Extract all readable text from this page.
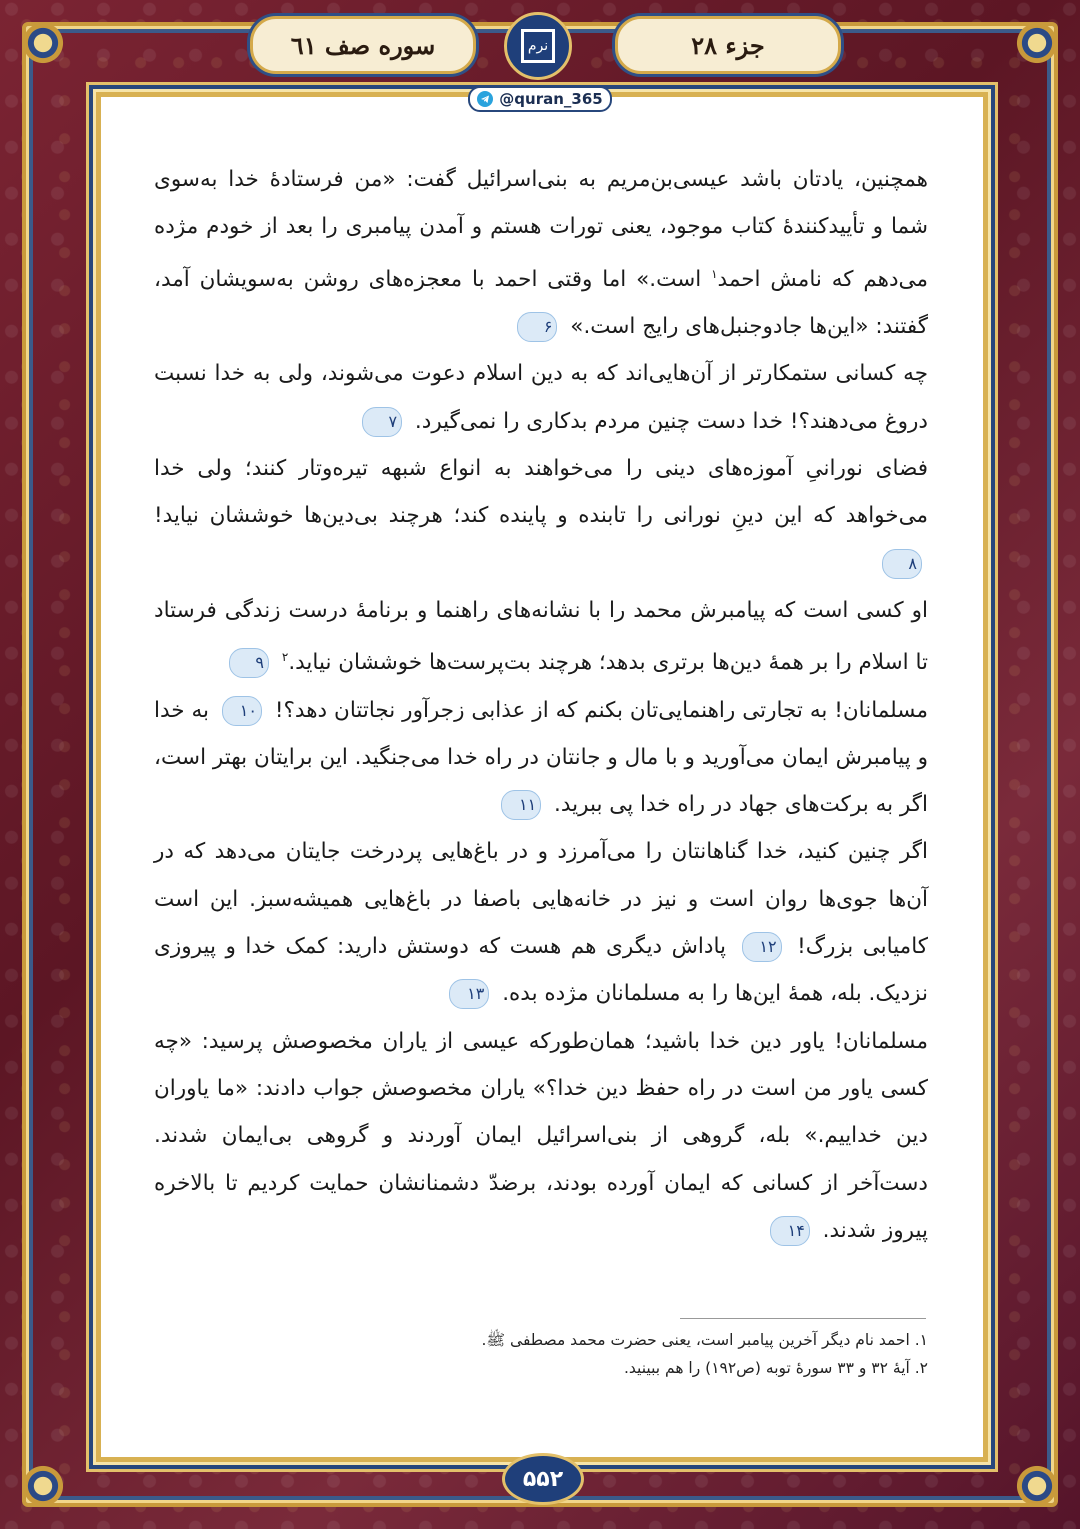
سوره صف ٦١	نرم	جزء ۲۸
@quran_365

همچنین، یادتان باشد عیسی‌بن‌مریم به بنی‌اسرائیل گفت: «من فرستادهٔ خدا به‌سوی شما و تأییدکنندهٔ کتاب موجود، یعنی تورات هستم و آمدن پیامبری را بعد از خودم مژده می‌دهم که نامش احمد$^۱$ است.» اما وقتی احمد با معجزه‌های روشن به‌سویشان آمد، گفتند: «این‌ها جادوجنبل‌های رایج است.» ۶

چه کسانی ستمکارتر از آن‌هایی‌اند که به دین اسلام دعوت می‌شوند، ولی به خدا نسبت دروغ می‌دهند؟! خدا دست چنین مردم بدکاری را نمی‌گیرد. ۷

فضای نورانیِ آموزه‌های دینی را می‌خواهند به انواع شبهه تیره‌وتار کنند؛ ولی خدا می‌خواهد که این دینِ نورانی را تابنده و پاینده کند؛ هرچند بی‌دین‌ها خوششان نیاید! ۸

او کسی است که پیامبرش محمد را با نشانه‌های راهنما و برنامهٔ درست زندگی فرستاد تا اسلام را بر همهٔ دین‌ها برتری بدهد؛ هرچند بت‌پرست‌ها خوششان نیاید.$^۲$ ۹

مسلمانان! به تجارتی راهنمایی‌تان بکنم که از عذابی زجرآور نجاتتان دهد؟! ۱۰ به خدا و پیامبرش ایمان می‌آورید و با مال و جانتان در راه خدا می‌جنگید. این برایتان بهتر است، اگر به برکت‌های جهاد در راه خدا پی ببرید. ۱۱

اگر چنین کنید، خدا گناهانتان را می‌آمرزد و در باغ‌هایی پردرخت جایتان می‌دهد که در آن‌ها جوی‌ها روان است و نیز در خانه‌هایی باصفا در باغ‌هایی همیشه‌سبز. این است کامیابی بزرگ! ۱۲ پاداش دیگری هم هست که دوستش دارید: کمک خدا و پیروزی نزدیک. بله، همهٔ این‌ها را به مسلمانان مژده بده. ۱۳

مسلمانان! یاور دین خدا باشید؛ همان‌طورکه عیسی از یاران مخصوصش پرسید: «چه کسی یاور من است در راه حفظ دین خدا؟» یاران مخصوصش جواب دادند: «ما یاوران دین خداییم.» بله، گروهی از بنی‌اسرائیل ایمان آوردند و گروهی بی‌ایمان شدند. دست‌آخر از کسانی که ایمان آورده بودند، برضدّ دشمنانشان حمایت کردیم تا بالاخره پیروز شدند. ۱۴

۱. احمد نام دیگر آخرین پیامبر است، یعنی حضرت محمد مصطفی ﷺ.
۲. آیهٔ ۳۲ و ۳۳ سورهٔ توبه (ص۱۹۲) را هم ببینید.
۵۵۲
